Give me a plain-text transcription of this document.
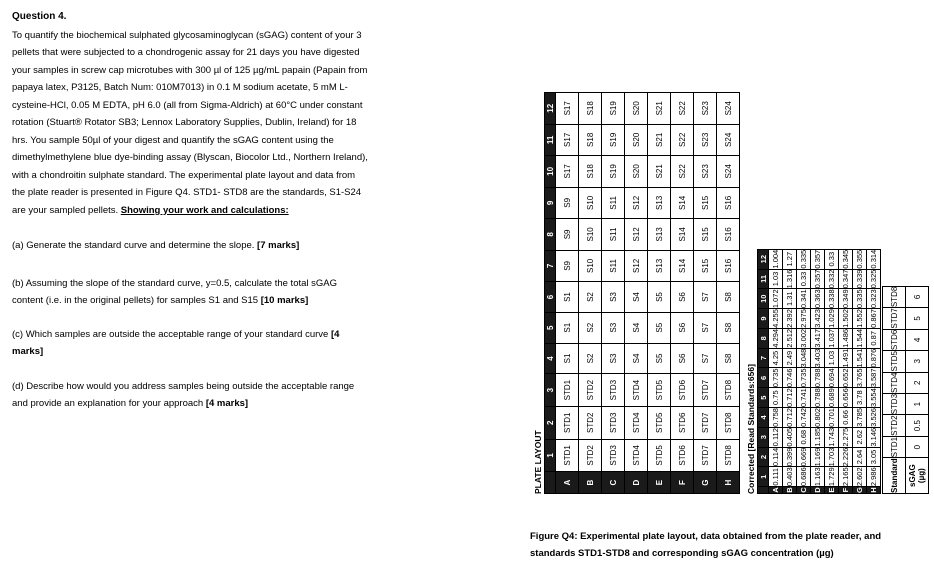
Question 4.

To quantify the biochemical sulphated glycosaminoglycan (sGAG) content of your 3

pellets that were subjected to a chondrogenic assay for 21 days you have digested

your samples in screw cap microtubes with 300 µl of 125 µg/mL papain (Papain from

papaya latex, P3125, Batch Num: 010M7013) in 0.1 M sodium acetate, 5 mM L-

cysteine-HCl, 0.05 M EDTA, pH 6.0 (all from Sigma-Aldrich) at 60°C under constant

rotation (Stuart® Rotator SB3; Lennox Laboratory Supplies, Dublin, Ireland) for 18

hrs. You sample 50µl of your digest and quantify the sGAG content using the

dimethylmethylene blue dye-binding assay (Blyscan, Biocolor Ltd., Northern Ireland),

with a chondroitin sulphate standard. The experimental plate layout and data from

the plate reader is presented in Figure Q4. STD1- STD8 are the standards, S1-S24

are your sampled pellets. Showing your work and calculations:

(a) Generate the standard curve and determine the slope. [7 marks]

(b) Assuming the slope of the standard curve, y=0.5, calculate the total sGAG
content (i.e. in the original pellets) for samples S1 and S15 [10 marks]

(c) Which samples are outside the acceptable range of your standard curve [4
marks]

(d) Describe how would you address samples being outside the acceptable range
and provide an explanation for your approach [4 marks]

PLATE LAYOUT
	1	2	3	4	5	6	7	8	9	10	11	12
A	STD1	STD1	STD1	S1	S1	S1	S9	S9	S9	S17	S17	S17
B	STD2	STD2	STD2	S2	S2	S2	S10	S10	S10	S18	S18	S18
C	STD3	STD3	STD3	S3	S3	S3	S11	S11	S11	S19	S19	S19
D	STD4	STD4	STD4	S4	S4	S4	S12	S12	S12	S20	S20	S20
E	STD5	STD5	STD5	S5	S5	S5	S13	S13	S13	S21	S21	S21
F	STD6	STD6	STD6	S6	S6	S6	S14	S14	S14	S22	S22	S22
G	STD7	STD7	STD7	S7	S7	S7	S15	S15	S15	S23	S23	S23
H	STD8	STD8	STD8	S8	S8	S8	S16	S16	S16	S24	S24	S24
Corrected [Read Standards:656]
	1	2	3	4	5	6	7	8	9	10	11	12
A	0.111	0.114	0.112	0.758	0.75	0.735	4.25	4.294	4.255	1.072	1.03	1.004
B	0.403	0.399	0.405	0.712	0.712	0.746	2.49	2.512	2.392	1.31	1.316	1.27
C	0.686	0.669	0.68	0.742	0.741	0.735	3.048	3.002	2.975	0.341	0.33	0.335
D	1.163	1.169	1.185	0.802	0.788	0.788	3.403	3.417	3.423	0.363	0.357	0.357
E	1.729	1.703	1.743	0.701	0.689	0.694	1.03	1.037	1.029	0.338	0.332	0.33
F	2.165	2.226	2.275	0.66	0.656	0.652	1.491	1.486	1.502	0.349	0.347	0.345
G	2.602	2.64	2.62	3.785	3.78	3.765	1.541	1.544	1.552	0.335	0.339	0.355
H	2.986	3.05	3.146	3.526	3.554	3.587	0.876	0.87	0.867	0.323	0.325	0.314
Standard	STD1	STD2	STD3	STD4	STD5	STD6	STD7	STD8
sGAG (µg)	0	0.5	1	2	3	4	5	6
Figure Q4: Experimental plate layout, data obtained from the plate reader, and
standards STD1-STD8 and corresponding sGAG concentration (µg)
